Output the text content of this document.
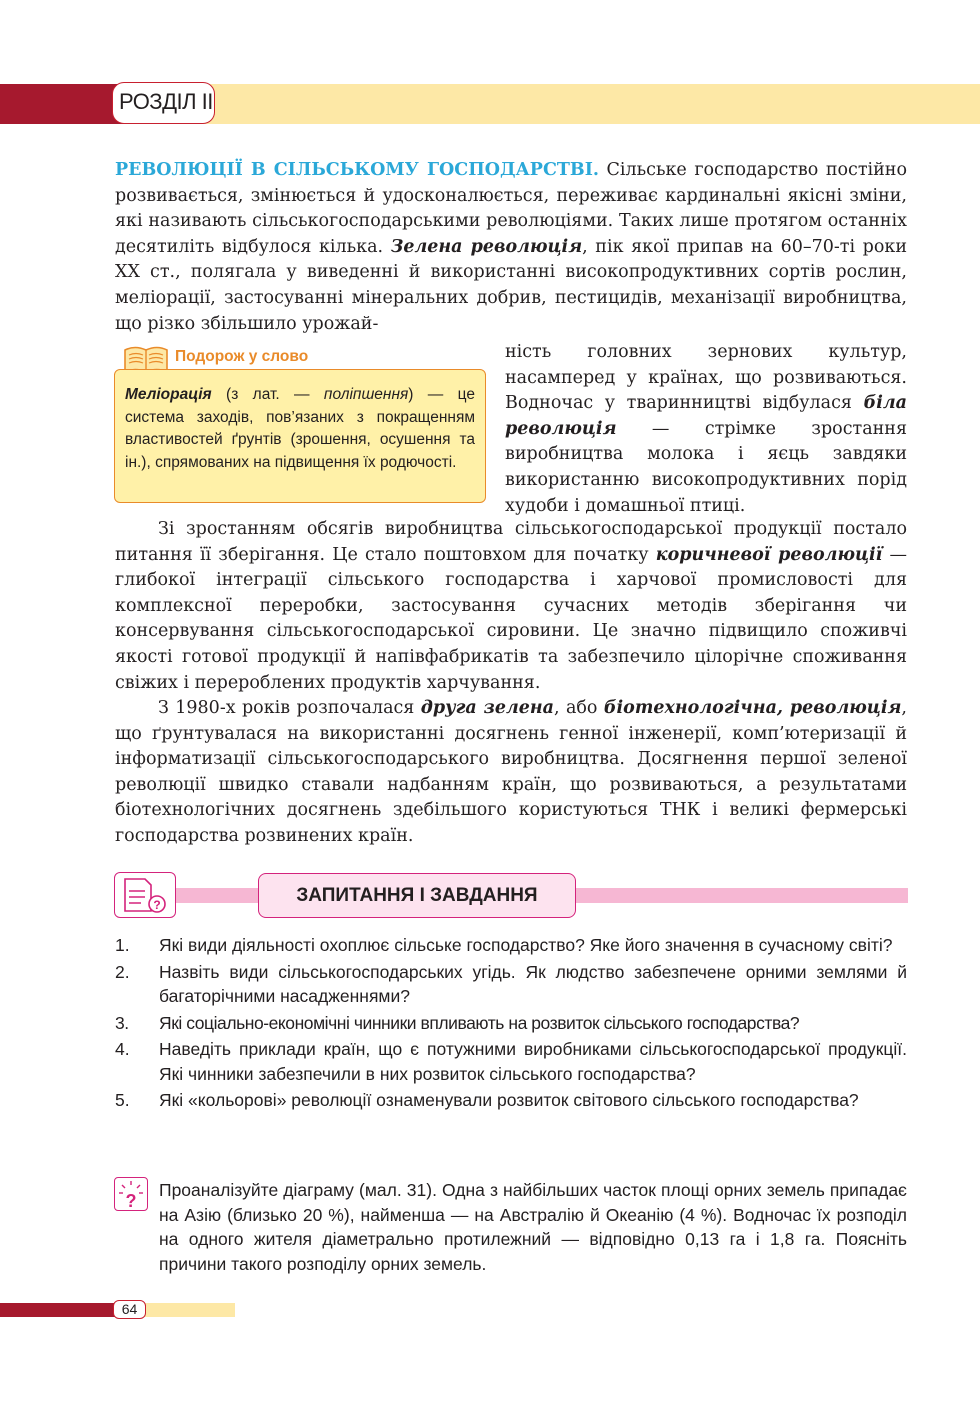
РОЗДІЛ ІІ

РЕВОЛЮЦІЇ В СІЛЬСЬКОМУ ГОСПОДАРСТВІ. Сільське господарство постійно розвивається, змінюється й удосконалюється, переживає кардинальні якісні зміни, які називають сільськогосподарськими революціями. Таких лише протягом останніх десятиліть відбулося кілька. Зелена революція, пік якої припав на 60–70-ті роки XX ст., полягала у виведенні й використанні високопродуктивних сортів рослин, меліорації, застосуванні мінеральних добрив, пестицидів, механізації виробництва, що різко збільшило урожай-

Подорож у слово
Меліорація (з лат. — поліпшення) — це система заходів, пов’язаних з покращенням властивостей ґрунтів (зрошення, осушення та ін.), спрямованих на підвищення їх родючості.
ність головних зернових культур, насамперед у країнах, що розвиваються. Водночас у тваринництві відбулася біла революція — стрімке зростання виробництва молока і яєць завдяки використанню високопродуктивних порід худоби і домашньої птиці.
Зі зростанням обсягів виробництва сільськогосподарської продукції постало питання її зберігання. Це стало поштовхом для початку коричневої революції — глибокої інтеграції сільського господарства і харчової промисловості для комплексної переробки, застосування сучасних методів зберігання чи консервування сільськогосподарської сировини. Це значно підвищило споживчі якості готової продукції й напівфабрикатів та забезпечило цілорічне споживання свіжих і перероблених продуктів харчування.
З 1980-х років розпочалася друга зелена, або біотехнологічна, революція, що ґрунтувалася на використанні досягнень генної інженерії, комп’ютеризації й інформатизації сільськогосподарського виробництва. Досягнення першої зеленої революції швидко ставали надбанням країн, що розвиваються, а результатами біотехнологічних досягнень здебільшого користуються ТНК і великі фермерські господарства розвинених країн.
?	ЗАПИТАННЯ І ЗАВДАННЯ
1. Які види діяльності охоплює сільське господарство? Яке його значення в сучасному світі?
2. Назвіть види сільськогосподарських угідь. Як людство забезпечене орними землями й багаторічними насадженнями?
3. Які соціально-економічні чинники впливають на розвиток сільського господарства?
4. Наведіть приклади країн, що є потужними виробниками сільськогосподарської продукції. Які чинники забезпечили в них розвиток сільського господарства?
5. Які «кольорові» революції ознаменували розвиток світового сільського господарства?
?
Проаналізуйте діаграму (мал. 31). Одна з найбільших часток площі орних земель припадає на Азію (близько 20 %), найменша — на Австралію й Океанію (4 %). Водночас їх розподіл на одного жителя діаметрально протилежний — відповідно 0,13 га і 1,8 га. Поясніть причини такого розподілу орних земель.
64
